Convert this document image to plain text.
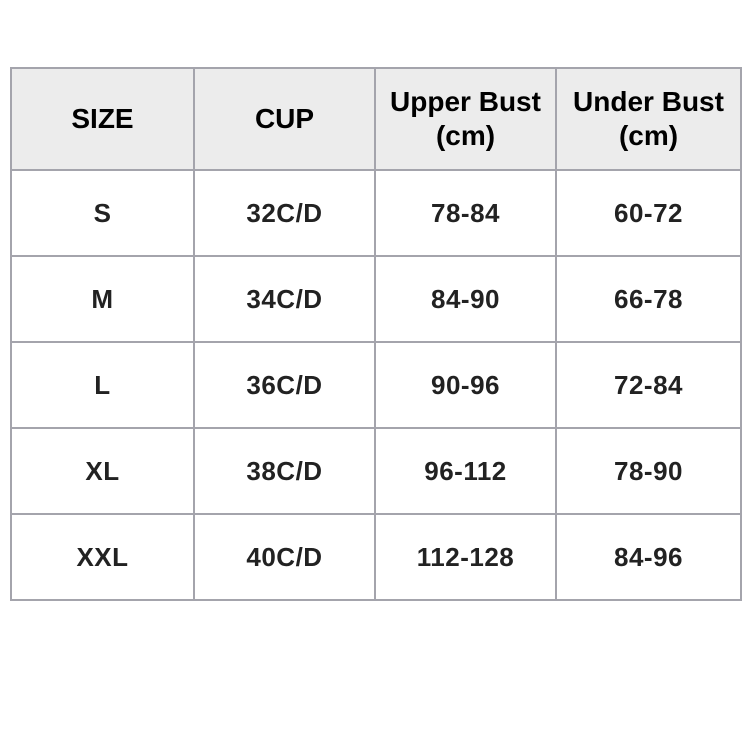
SIZE	CUP	Upper Bust (cm)	Under Bust (cm)
S	32C/D	78-84	60-72
M	34C/D	84-90	66-78
L	36C/D	90-96	72-84
XL	38C/D	96-112	78-90
XXL	40C/D	112-128	84-96
